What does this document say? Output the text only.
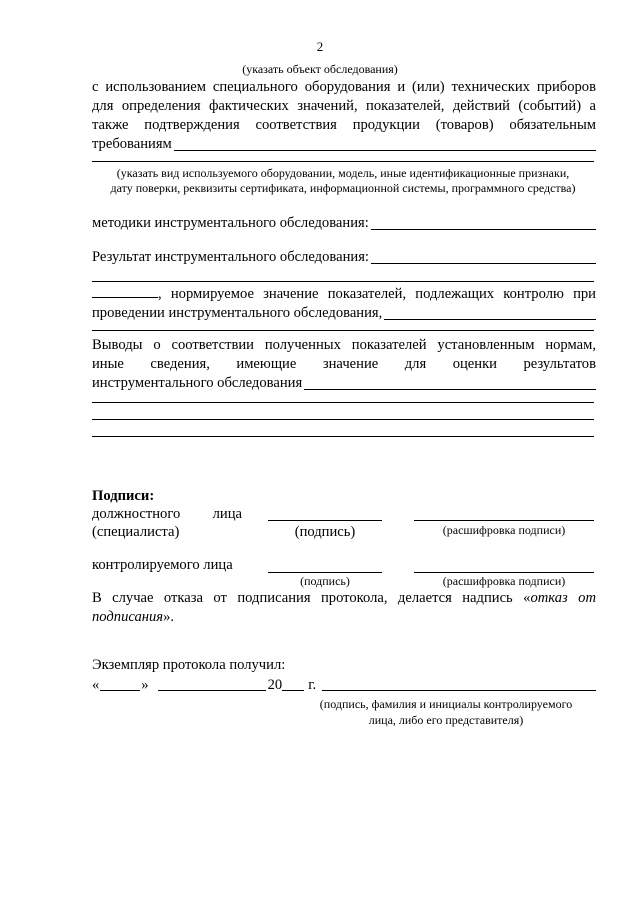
2
(указать объект обследования)
с использованием специального оборудования и (или) технических приборов
для определения фактических значений, показателей, действий (событий) а
также подтверждения соответствия продукции (товаров) обязательным
требованиям
(указать вид используемого оборудовании, модель, иные идентификационные признаки,
дату поверки, реквизиты сертификата, информационной системы, программного средства)
методики инструментального обследования:
Результат инструментального обследования:
, нормируемое значение показателей, подлежащих контролю при
проведении инструментального обследования,
Выводы о соответствии полученных показателей установленным нормам,
иные сведения, имеющие значение для оценки результатов
инструментального обследования
Подписи:
должностного лица
(специалиста)	(подпись)	(расшифровка подписи)
контролируемого лица
(подпись)	(расшифровка подписи)
В случае отказа от подписания протокола, делается надпись «отказ от
подписания».
Экземпляр протокола получил:
«	»	20 г.
(подпись, фамилия и инициалы контролируемого
лица, либо его представителя)
